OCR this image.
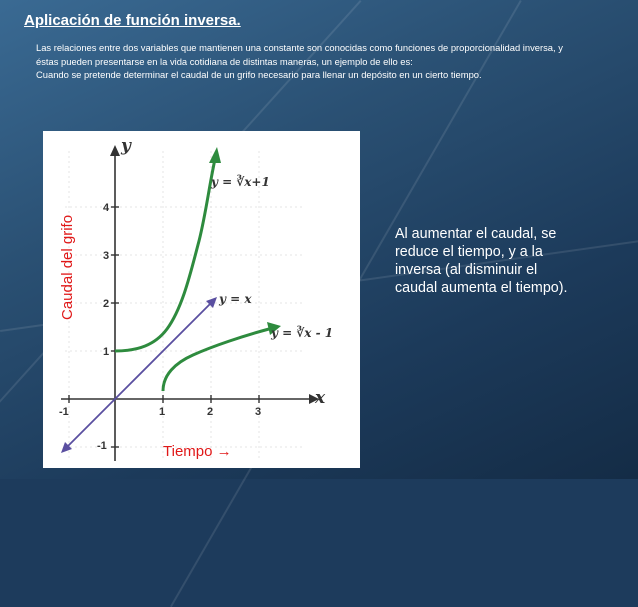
Aplicación de función inversa.

Las relaciones entre dos variables que mantienen una constante son conocidas como funciones de proporcionalidad inversa, y éstas pueden presentarse en la vida cotidiana de distintas maneras, un ejemplo de ello es:

Cuando se pretende determinar el caudal de un grifo necesario para llenar un depósito en un cierto tiempo.

-1	1	2	3
4
3
2
1
-1
y
x
y = ∛x+1
y = x
y = ∛x - 1
Caudal del grifo
Tiempo →
Al aumentar el caudal, se reduce el tiempo, y a la inversa (al disminuir el caudal aumenta el tiempo).
